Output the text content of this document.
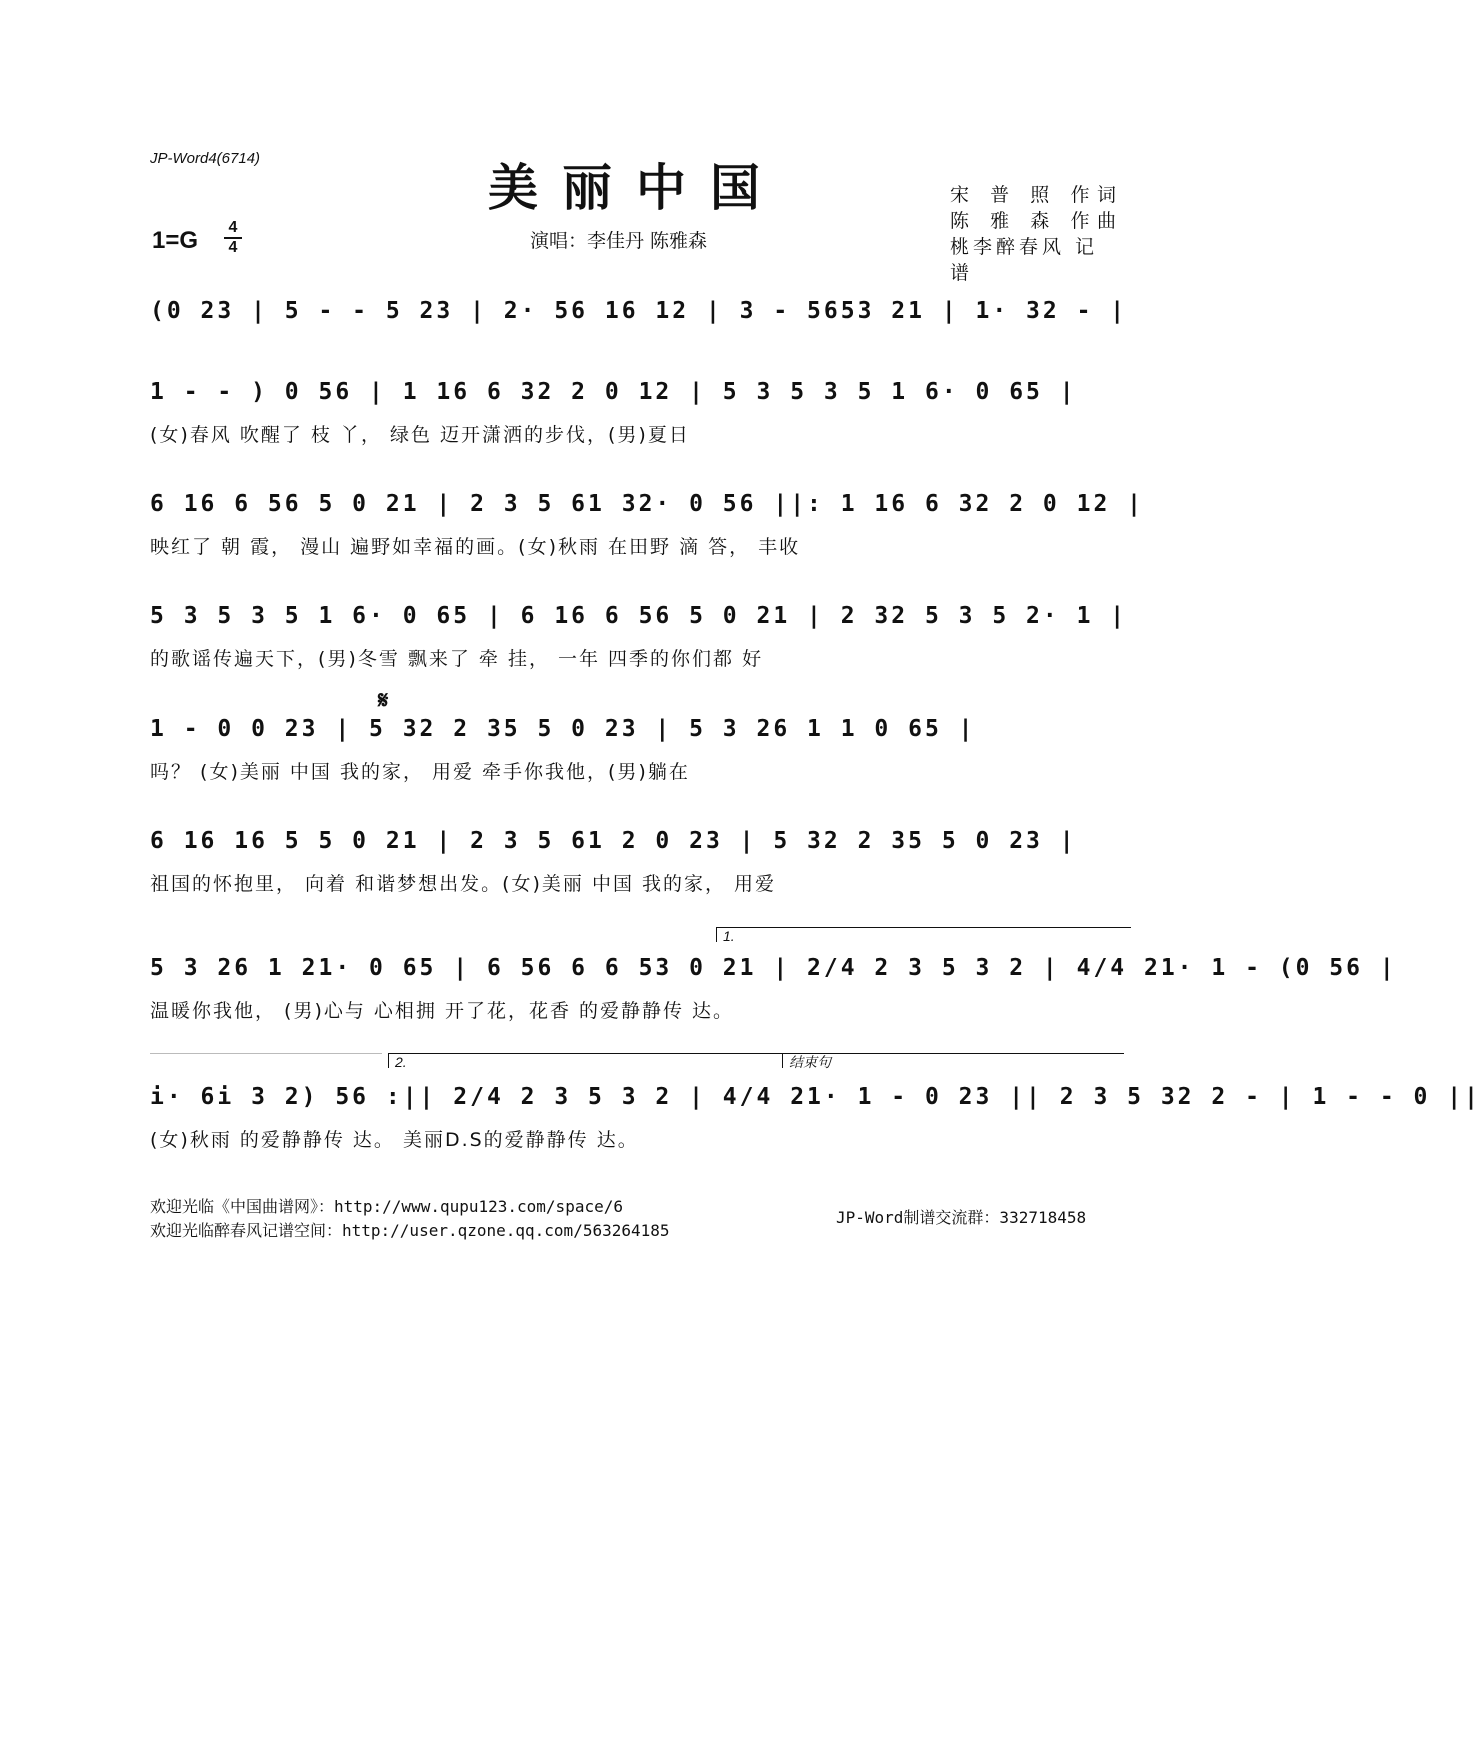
JP-Word4(6714)	美丽中国
1=G 4
4	演唱：李佳丹 陈雅森
宋 普 照 作词
陈 雅 森 作曲
桃李醉春风 记谱
(0 23 | 5 - - 5 23 | 2· 56 16 12 | 3 - 5653 21 | 1· 32 - |
1 - - ) 0 56 | 1 16 6 32 2 0 12 | 5 3 5 3 5 1 6· 0 65 |
(女)春风 吹醒了 枝 丫， 绿色 迈开潇洒的步伐，(男)夏日
6 16 6 56 5 0 21 | 2 3 5 61 32· 0 56 ||: 1 16 6 32 2 0 12 |
映红了 朝 霞， 漫山 遍野如幸福的画。(女)秋雨 在田野 滴 答， 丰收
5 3 5 3 5 1 6· 0 65 | 6 16 6 56 5 0 21 | 2 32 5 3 5 2· 1 |
的歌谣传遍天下，(男)冬雪 飘来了 牵 挂， 一年 四季的你们都 好
𝄋
1 - 0 0 23 | 5 32 2 35 5 0 23 | 5 3 26 1 1 0 65 |
吗？ (女)美丽 中国 我的家， 用爱 牵手你我他，(男)躺在
6 16 16 5 5 0 21 | 2 3 5 61 2 0 23 | 5 32 2 35 5 0 23 |
祖国的怀抱里， 向着 和谐梦想出发。(女)美丽 中国 我的家， 用爱
1.
5 3 26 1 21· 0 65 | 6 56 6 6 53 0 21 | 2/4 2 3 5 3 2 | 4/4 21· 1 - (0 56 |
温暖你我他， (男)心与 心相拥 开了花，花香 的爱静静传 达。
2.	结束句
i· 6i 3 2) 56 :|| 2/4 2 3 5 3 2 | 4/4 21· 1 - 0 23 || 2 3 5 32 2 - | 1 - - 0 ||
(女)秋雨 的爱静静传 达。 美丽D.S的爱静静传 达。
欢迎光临《中国曲谱网》：http://www.qupu123.com/space/6
欢迎光临醉春风记谱空间：http://user.qzone.qq.com/563264185
JP-Word制谱交流群：332718458
